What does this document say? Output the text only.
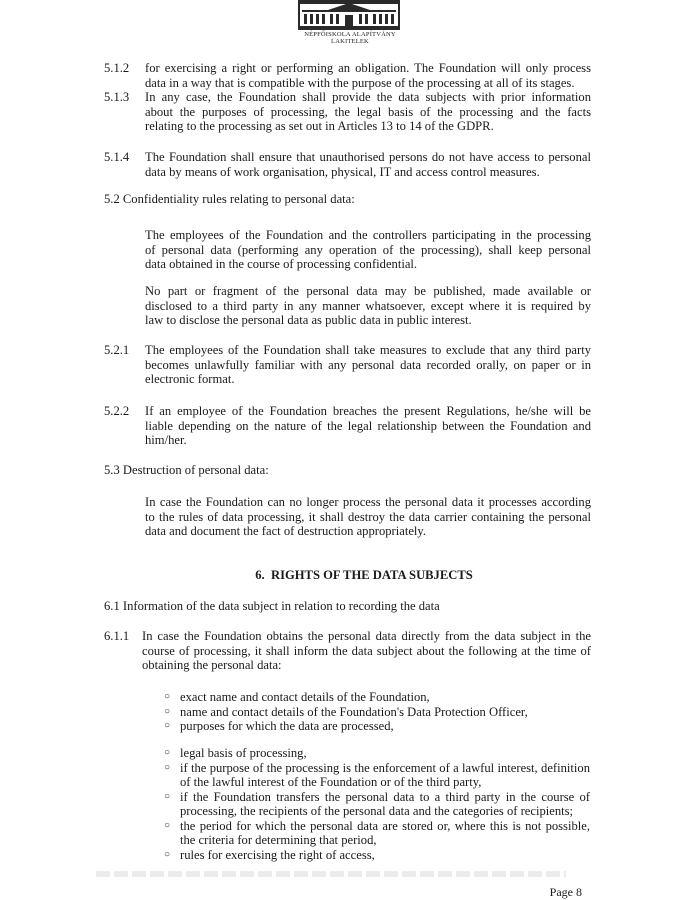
NÉPFŐISKOLA ALAPÍTVÁNY
LAKITELEK
5.1.2 for exercising a right or performing an obligation. The Foundation will only process
data in a way that is compatible with the purpose of the processing at all of its stages.
5.1.3 In any case, the Foundation shall provide the data subjects with prior information
about the purposes of processing, the legal basis of the processing and the facts
relating to the processing as set out in Articles 13 to 14 of the GDPR.
5.1.4 The Foundation shall ensure that unauthorised persons do not have access to personal
data by means of work organisation, physical, IT and access control measures.
5.2 Confidentiality rules relating to personal data:
The employees of the Foundation and the controllers participating in the processing
of personal data (performing any operation of the processing), shall keep personal
data obtained in the course of processing confidential.
No part or fragment of the personal data may be published, made available or
disclosed to a third party in any manner whatsoever, except where it is required by
law to disclose the personal data as public data in public interest.
5.2.1 The employees of the Foundation shall take measures to exclude that any third party
becomes unlawfully familiar with any personal data recorded orally, on paper or in
electronic format.
5.2.2 If an employee of the Foundation breaches the present Regulations, he/she will be
liable depending on the nature of the legal relationship between the Foundation and
him/her.
5.3 Destruction of personal data:
In case the Foundation can no longer process the personal data it processes according
to the rules of data processing, it shall destroy the data carrier containing the personal
data and document the fact of destruction appropriately.
6. RIGHTS OF THE DATA SUBJECTS
6.1 Information of the data subject in relation to recording the data
6.1.1 In case the Foundation obtains the personal data directly from the data subject in the
course of processing, it shall inform the data subject about the following at the time of
obtaining the personal data:
○ exact name and contact details of the Foundation,
○ name and contact details of the Foundation's Data Protection Officer,
○ purposes for which the data are processed,
○ legal basis of processing,
○ if the purpose of the processing is the enforcement of a lawful interest, definition of the lawful interest of the Foundation or of the third party,
○ if the Foundation transfers the personal data to a third party in the course of processing, the recipients of the personal data and the categories of recipients;
○ the period for which the personal data are stored or, where this is not possible, the criteria for determining that period,
○ rules for exercising the right of access,
Page 8
